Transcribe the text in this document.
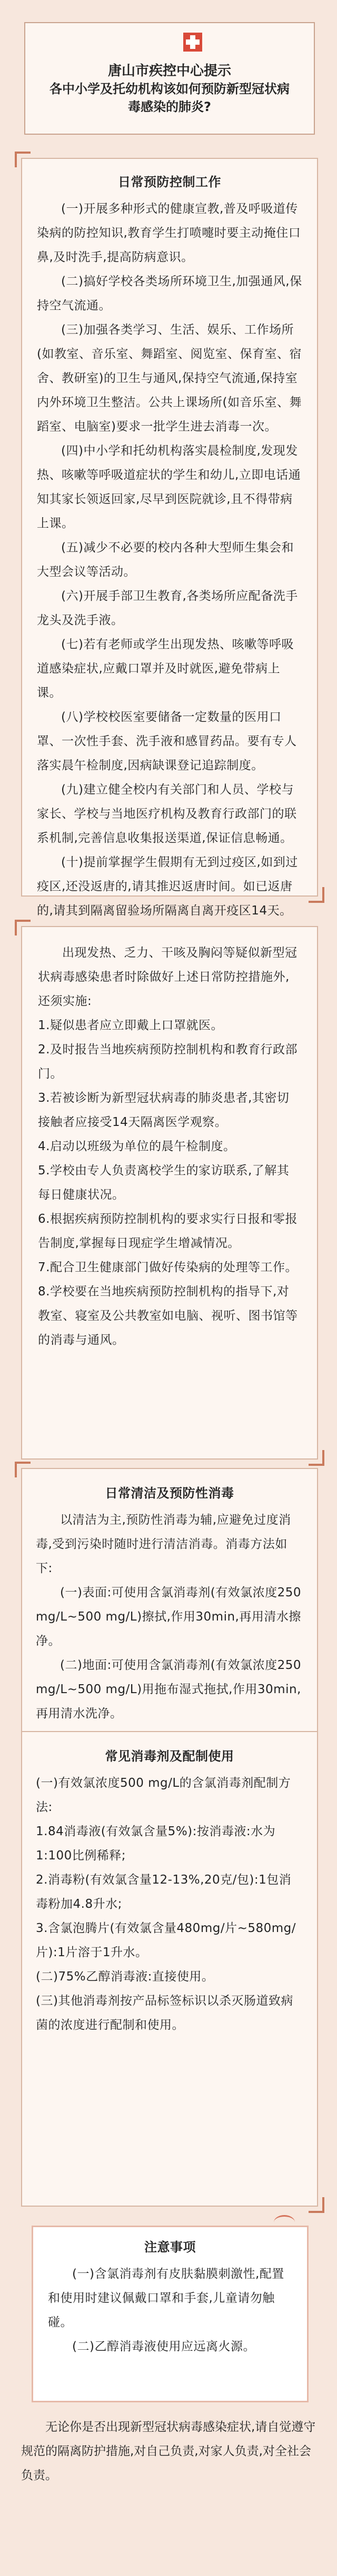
唐山市疾控中心提示
各中小学及托幼机构该如何预防新型冠状病毒感染的肺炎?
日常预防控制工作

(一)开展多种形式的健康宣教,普及呼吸道传染病的防控知识,教育学生打喷嚏时要主动掩住口鼻,及时洗手,提高防病意识。

(二)搞好学校各类场所环境卫生,加强通风,保持空气流通。

(三)加强各类学习、生活、娱乐、工作场所(如教室、音乐室、舞蹈室、阅览室、保育室、宿舍、教研室)的卫生与通风,保持空气流通,保持室内外环境卫生整洁。公共上课场所(如音乐室、舞蹈室、电脑室)要求一批学生进去消毒一次。

(四)中小学和托幼机构落实晨检制度,发现发热、咳嗽等呼吸道症状的学生和幼儿,立即电话通知其家长领返回家,尽早到医院就诊,且不得带病上课。

(五)减少不必要的校内各种大型师生集会和大型会议等活动。

(六)开展手部卫生教育,各类场所应配备洗手龙头及洗手液。

(七)若有老师或学生出现发热、咳嗽等呼吸道感染症状,应戴口罩并及时就医,避免带病上课。

(八)学校校医室要储备一定数量的医用口罩、一次性手套、洗手液和感冒药品。要有专人落实晨午检制度,因病缺课登记追踪制度。

(九)建立健全校内有关部门和人员、学校与家长、学校与当地医疗机构及教育行政部门的联系机制,完善信息收集报送渠道,保证信息畅通。

(十)提前掌握学生假期有无到过疫区,如到过疫区,还没返唐的,请其推迟返唐时间。如已返唐的,请其到隔离留验场所隔离自离开疫区14天。

出现发热、乏力、干咳及胸闷等疑似新型冠状病毒感染患者时除做好上述日常防控措施外,还须实施:

1.疑似患者应立即戴上口罩就医。

2.及时报告当地疾病预防控制机构和教育行政部门。

3.若被诊断为新型冠状病毒的肺炎患者,其密切接触者应接受14天隔离医学观察。

4.启动以班级为单位的晨午检制度。

5.学校由专人负责离校学生的家访联系,了解其每日健康状况。

6.根据疾病预防控制机构的要求实行日报和零报告制度,掌握每日现症学生增减情况。

7.配合卫生健康部门做好传染病的处理等工作。

8.学校要在当地疾病预防控制机构的指导下,对教室、寝室及公共教室如电脑、视听、图书馆等的消毒与通风。

日常清洁及预防性消毒

以清洁为主,预防性消毒为辅,应避免过度消毒,受到污染时随时进行清洁消毒。消毒方法如下:

(一)表面:可使用含氯消毒剂(有效氯浓度250 mg/L~500 mg/L)擦拭,作用30min,再用清水擦净。

(二)地面:可使用含氯消毒剂(有效氯浓度250 mg/L~500 mg/L)用拖布湿式拖拭,作用30min,再用清水洗净。

常见消毒剂及配制使用

(一)有效氯浓度500 mg/L的含氯消毒剂配制方法:

1.84消毒液(有效氯含量5%):按消毒液:水为1:100比例稀释;

2.消毒粉(有效氯含量12-13%,20克/包):1包消毒粉加4.8升水;

3.含氯泡腾片(有效氯含量480mg/片~580mg/片):1片溶于1升水。

(二)75%乙醇消毒液:直接使用。

(三)其他消毒剂按产品标签标识以杀灭肠道致病菌的浓度进行配制和使用。

注意事项

(一)含氯消毒剂有皮肤黏膜刺激性,配置和使用时建议佩戴口罩和手套,儿童请勿触碰。

(二)乙醇消毒液使用应远离火源。

无论你是否出现新型冠状病毒感染症状,请自觉遵守规范的隔离防护措施,对自己负责,对家人负责,对全社会负责。
